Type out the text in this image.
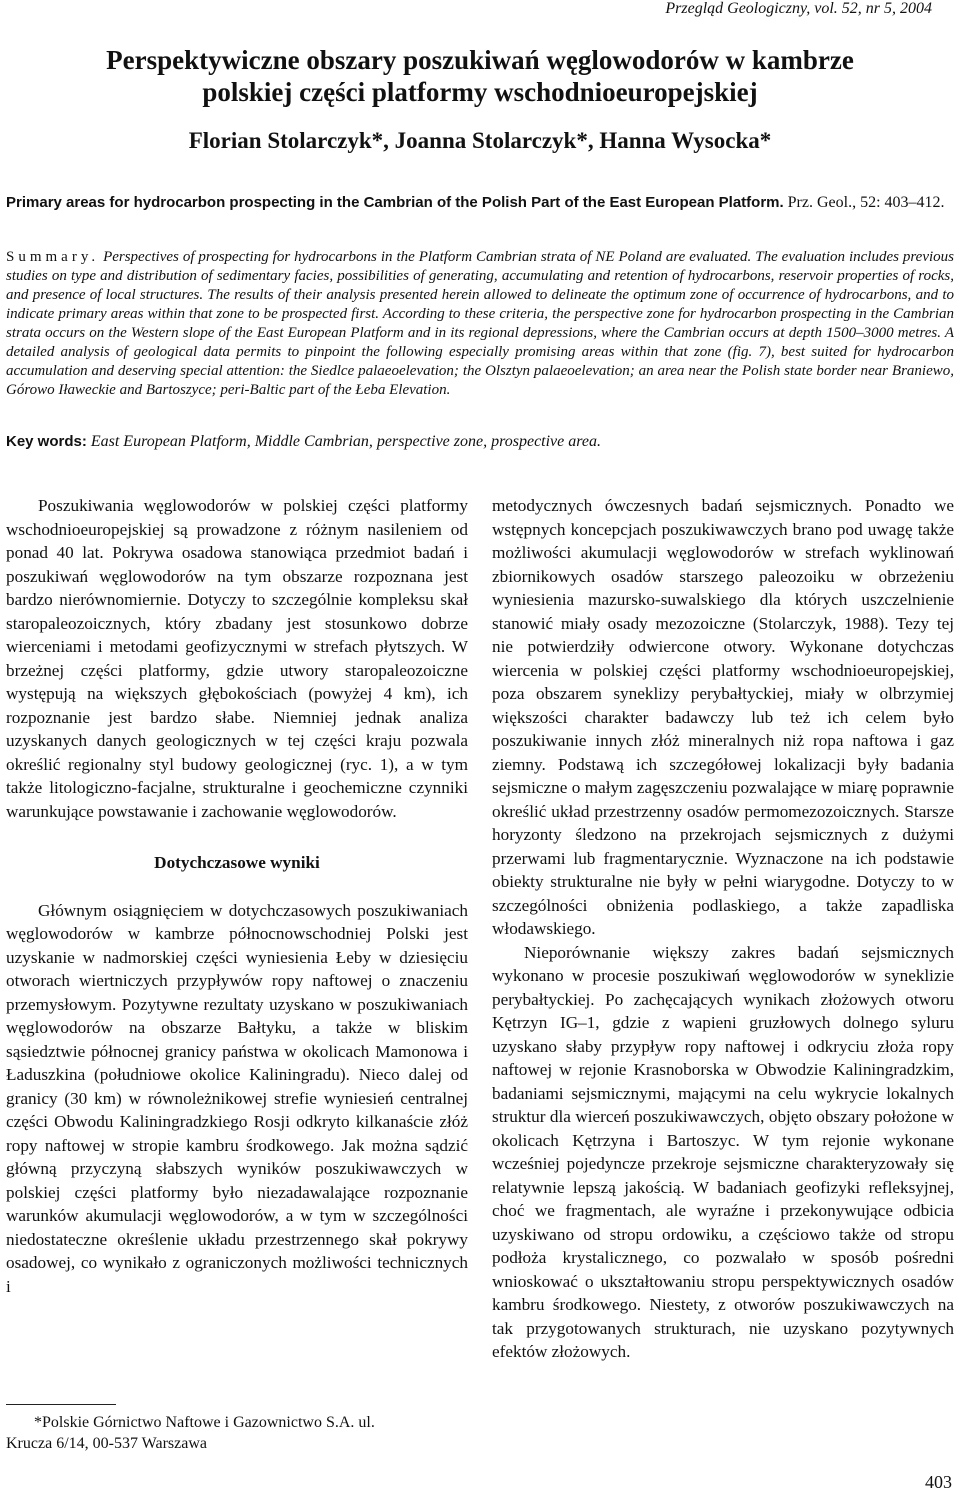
Przegląd Geologiczny, vol. 52, nr 5, 2004
Perspektywiczne obszary poszukiwań węglowodorów w kambrze
polskiej części platformy wschodnioeuropejskiej
Florian Stolarczyk*, Joanna Stolarczyk*, Hanna Wysocka*
Primary areas for hydrocarbon prospecting in the Cambrian of the Polish Part of the East European Platform. Prz. Geol., 52: 403–412.
Summary. Perspectives of prospecting for hydrocarbons in the Platform Cambrian strata of NE Poland are evaluated. The evaluation includes previous studies on type and distribution of sedimentary facies, possibilities of generating, accumulating and retention of hydrocarbons, reservoir properties of rocks, and presence of local structures. The results of their analysis presented herein allowed to delineate the optimum zone of occurrence of hydrocarbons, and to indicate primary areas within that zone to be prospected first. According to these criteria, the perspective zone for hydrocarbon prospecting in the Cambrian strata occurs on the Western slope of the East European Platform and in its regional depressions, where the Cambrian occurs at depth 1500–3000 metres. A detailed analysis of geological data permits to pinpoint the following especially promising areas within that zone (fig. 7), best suited for hydrocarbon accumulation and deserving special attention: the Siedlce palaeoelevation; the Olsztyn palaeoelevation; an area near the Polish state border near Braniewo, Górowo Iławeckie and Bartoszyce; peri-Baltic part of the Łeba Elevation.
Key words: East European Platform, Middle Cambrian, perspective zone, prospective area.

Poszukiwania węglowodorów w polskiej części platformy wschodnioeuropejskiej są prowadzone z różnym nasileniem od ponad 40 lat. Pokrywa osadowa stanowiąca przedmiot badań i poszukiwań węglowodorów na tym obszarze rozpoznana jest bardzo nierównomiernie. Dotyczy to szczególnie kompleksu skał staropaleozoicznych, który zbadany jest stosunkowo dobrze wierceniami i metodami geofizycznymi w strefach płytszych. W brzeżnej części platformy, gdzie utwory staropaleozoiczne występują na większych głębokościach (powyżej 4 km), ich rozpoznanie jest bardzo słabe. Niemniej jednak analiza uzyskanych danych geologicznych w tej części kraju pozwala określić regionalny styl budowy geologicznej (ryc. 1), a w tym także litologiczno-facjalne, strukturalne i geochemiczne czynniki warunkujące powstawanie i zachowanie węglowodorów.

Dotychczasowe wyniki

Głównym osiągnięciem w dotychczasowych poszukiwaniach węglowodorów w kambrze północnowschodniej Polski jest uzyskanie w nadmorskiej części wyniesienia Łeby w dziesięciu otworach wiertniczych przypływów ropy naftowej o znaczeniu przemysłowym. Pozytywne rezultaty uzyskano w poszukiwaniach węglowodorów na obszarze Bałtyku, a także w bliskim sąsiedztwie północnej granicy państwa w okolicach Mamonowa i Ładuszkina (południowe okolice Kaliningradu). Nieco dalej od granicy (30 km) w równoleżnikowej strefie wyniesień centralnej części Obwodu Kaliningradzkiego Rosji odkryto kilkanaście złóż ropy naftowej w stropie kambru środkowego. Jak można sądzić główną przyczyną słabszych wyników poszukiwawczych w polskiej części platformy było niezadawalające rozpoznanie warunków akumulacji węglowodorów, a w tym w szczególności niedostateczne określenie układu przestrzennego skał pokrywy osadowej, co wynikało z ograniczonych możliwości technicznych i

metodycznych ówczesnych badań sejsmicznych. Ponadto we wstępnych koncepcjach poszukiwawczych brano pod uwagę także możliwości akumulacji węglowodorów w strefach wyklinowań zbiornikowych osadów starszego paleozoiku w obrzeżeniu wyniesienia mazursko-suwalskiego dla których uszczelnienie stanowić miały osady mezozoiczne (Stolarczyk, 1988). Tezy tej nie potwierdziły odwiercone otwory. Wykonane dotychczas wiercenia w polskiej części platformy wschodnioeuropejskiej, poza obszarem syneklizy perybałtyckiej, miały w olbrzymiej większości charakter badawczy lub też ich celem było poszukiwanie innych złóż mineralnych niż ropa naftowa i gaz ziemny. Podstawą ich szczegółowej lokalizacji były badania sejsmiczne o małym zagęszczeniu pozwalające w miarę poprawnie określić układ przestrzenny osadów permomezozoicznych. Starsze horyzonty śledzono na przekrojach sejsmicznych z dużymi przerwami lub fragmentarycznie. Wyznaczone na ich podstawie obiekty strukturalne nie były w pełni wiarygodne. Dotyczy to w szczególności obniżenia podlaskiego, a także zapadliska włodawskiego.

Nieporównanie większy zakres badań sejsmicznych wykonano w procesie poszukiwań węglowodorów w synekliziе perybałtyckiej. Po zachęcających wynikach złożowych otworu Kętrzyn IG–1, gdzie z wapieni gruzłowych dolnego syluru uzyskano słaby przypływ ropy naftowej i odkryciu złoża ropy naftowej w rejonie Krasnoborska w Obwodzie Kaliningradzkim, badaniami sejsmicznymi, mającymi na celu wykrycie lokalnych struktur dla wierceń poszukiwawczych, objęto obszary położone w okolicach Kętrzyna i Bartoszyc. W tym rejonie wykonane wcześniej pojedyncze przekroje sejsmiczne charakteryzowały się relatywnie lepszą jakością. W badaniach geofizyki refleksyjnej, choć we fragmentach, ale wyraźne i przekonywujące odbicia uzyskiwano od stropu ordowiku, a częściowo także od stropu podłoża krystalicznego, co pozwalało w sposób pośredni wnioskować o ukształtowaniu stropu perspektywicznych osadów kambru środkowego. Niestety, z otworów poszukiwawczych na tak przygotowanych strukturach, nie uzyskano pozytywnych efektów złożowych.

*Polskie Górnictwo Naftowe i Gazownictwo S.A. ul.
Krucza 6/14, 00-537 Warszawa
403
